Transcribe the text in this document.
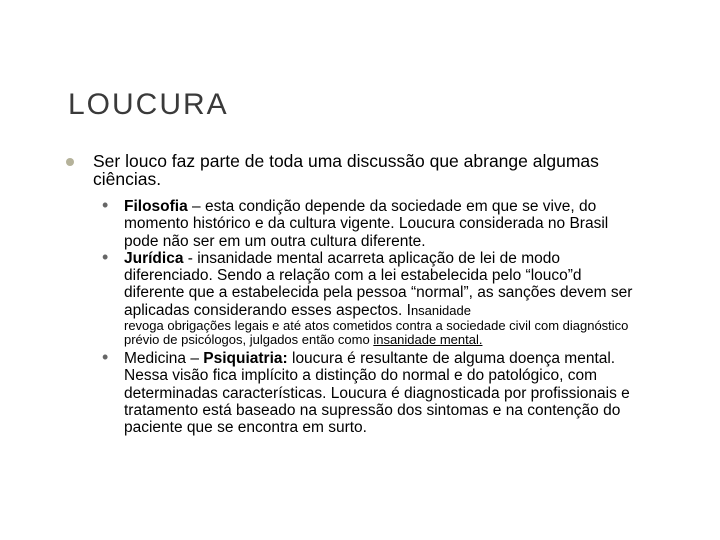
LOUCURA
Ser louco faz parte de toda uma discussão que abrange algumas ciências.
• Filosofia – esta condição depende da sociedade em que se vive, do momento histórico e da cultura vigente. Loucura considerada no Brasil pode não ser em um outra cultura diferente.
• Jurídica - insanidade mental acarreta aplicação de lei de modo diferenciado. Sendo a relação com a lei estabelecida pelo “louco”d diferente que a estabelecida pela pessoa “normal”, as sanções devem ser aplicadas considerando esses aspectos. Insanidade
revoga obrigações legais e até atos cometidos contra a sociedade civil com diagnóstico prévio de psicólogos, julgados então como insanidade mental.
• Medicina – Psiquiatria: loucura é resultante de alguma doença mental. Nessa visão fica implícito a distinção do normal e do patológico, com determinadas características. Loucura é diagnosticada por profissionais e tratamento está baseado na supressão dos sintomas e na contenção do paciente que se encontra em surto.
